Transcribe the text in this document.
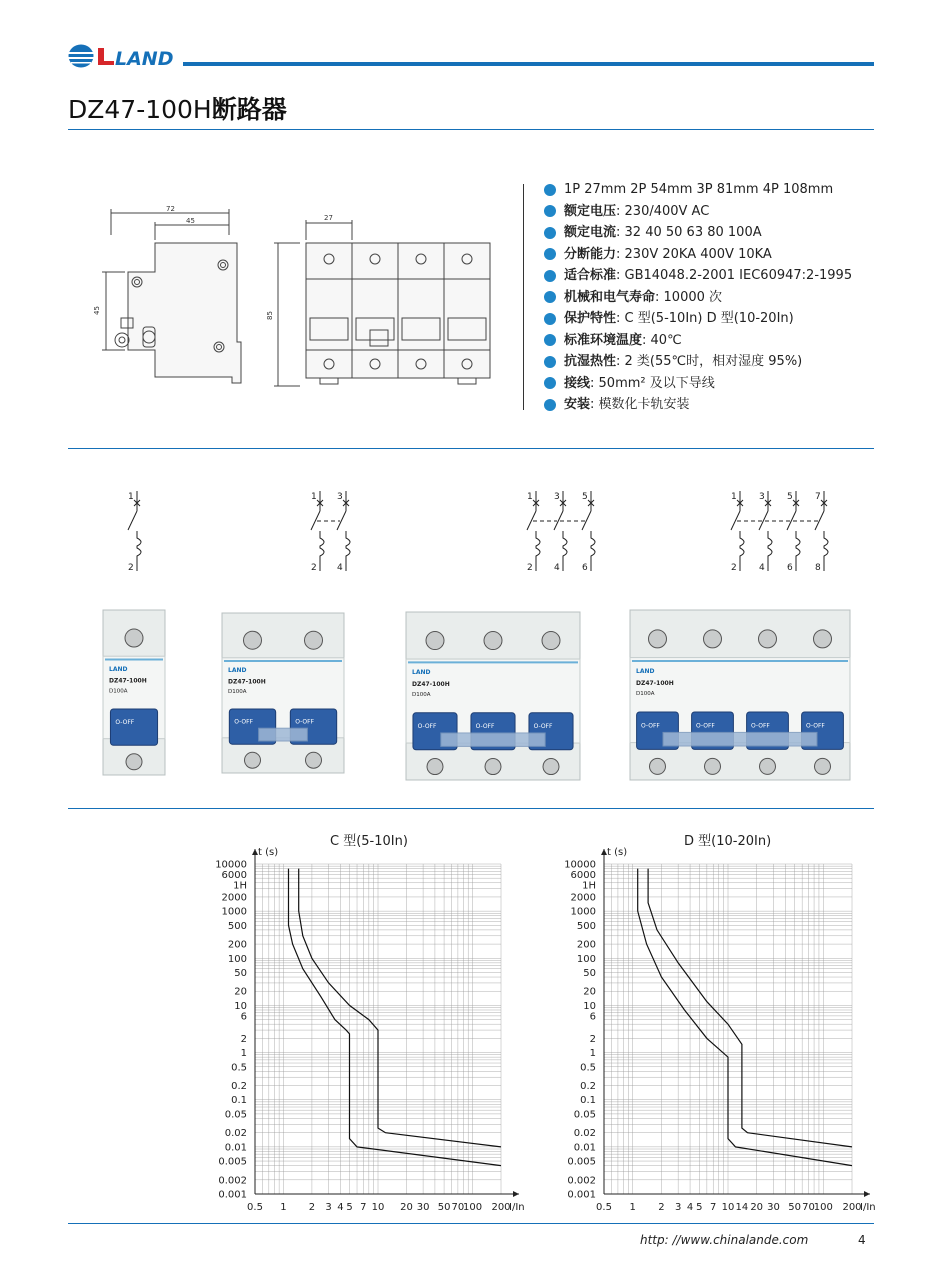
LAND
DZ47-100H断路器
72
45
45
27
85
1P 27mm 2P 54mm 3P 81mm 4P 108mm
额定电压 : 230/400V AC
额定电流 : 32 40 50 63 80 100A
分断能力 : 230V 20KA 400V 10KA
适合标准 : GB14048.2-2001 IEC60947:2-1995
机械和电气寿命 : 10000 次
保护特性 : C 型(5-10In) D 型(10-20In)
标准环境温度 : 40℃
抗湿热性 : 2 类(55℃时，相对湿度 95%)
接线 : 50mm² 及以下导线
安装 : 模数化卡轨安装
1
2
1
2
3
4
1
2
3
4
5
6
1
2
3
4
5
6
7
8
O-OFF
LAND
DZ47-100H
D100A
O-OFF	O-OFF
LAND
DZ47-100H
D100A
O-OFF	O-OFF	O-OFF
LAND
DZ47-100H
D100A
O-OFF	O-OFF	O-OFF	O-OFF
LAND
DZ47-100H
D100A
C 型(5-10In)	D 型(10-20In)
t (s)
I/In
0.5 1 2 3 4 5 7 10 20 30 50 70
100 200
10000
6000
1H
2000
1000
500
200
100
50
20
10
6
2
1
0.5
0.2
0.1
0.05
0.02
0.01
0.005
0.002
0.001
t (s)
I/In
0.5 1 2 3 4 5 7 10 14 20 30 50 70
100 200
10000
6000
1H
2000
1000
500
200
100
50
20
10
6
2
1
0.5
0.2
0.1
0.05
0.02
0.01
0.005
0.002
0.001
http: //www.chinalande.com	4
